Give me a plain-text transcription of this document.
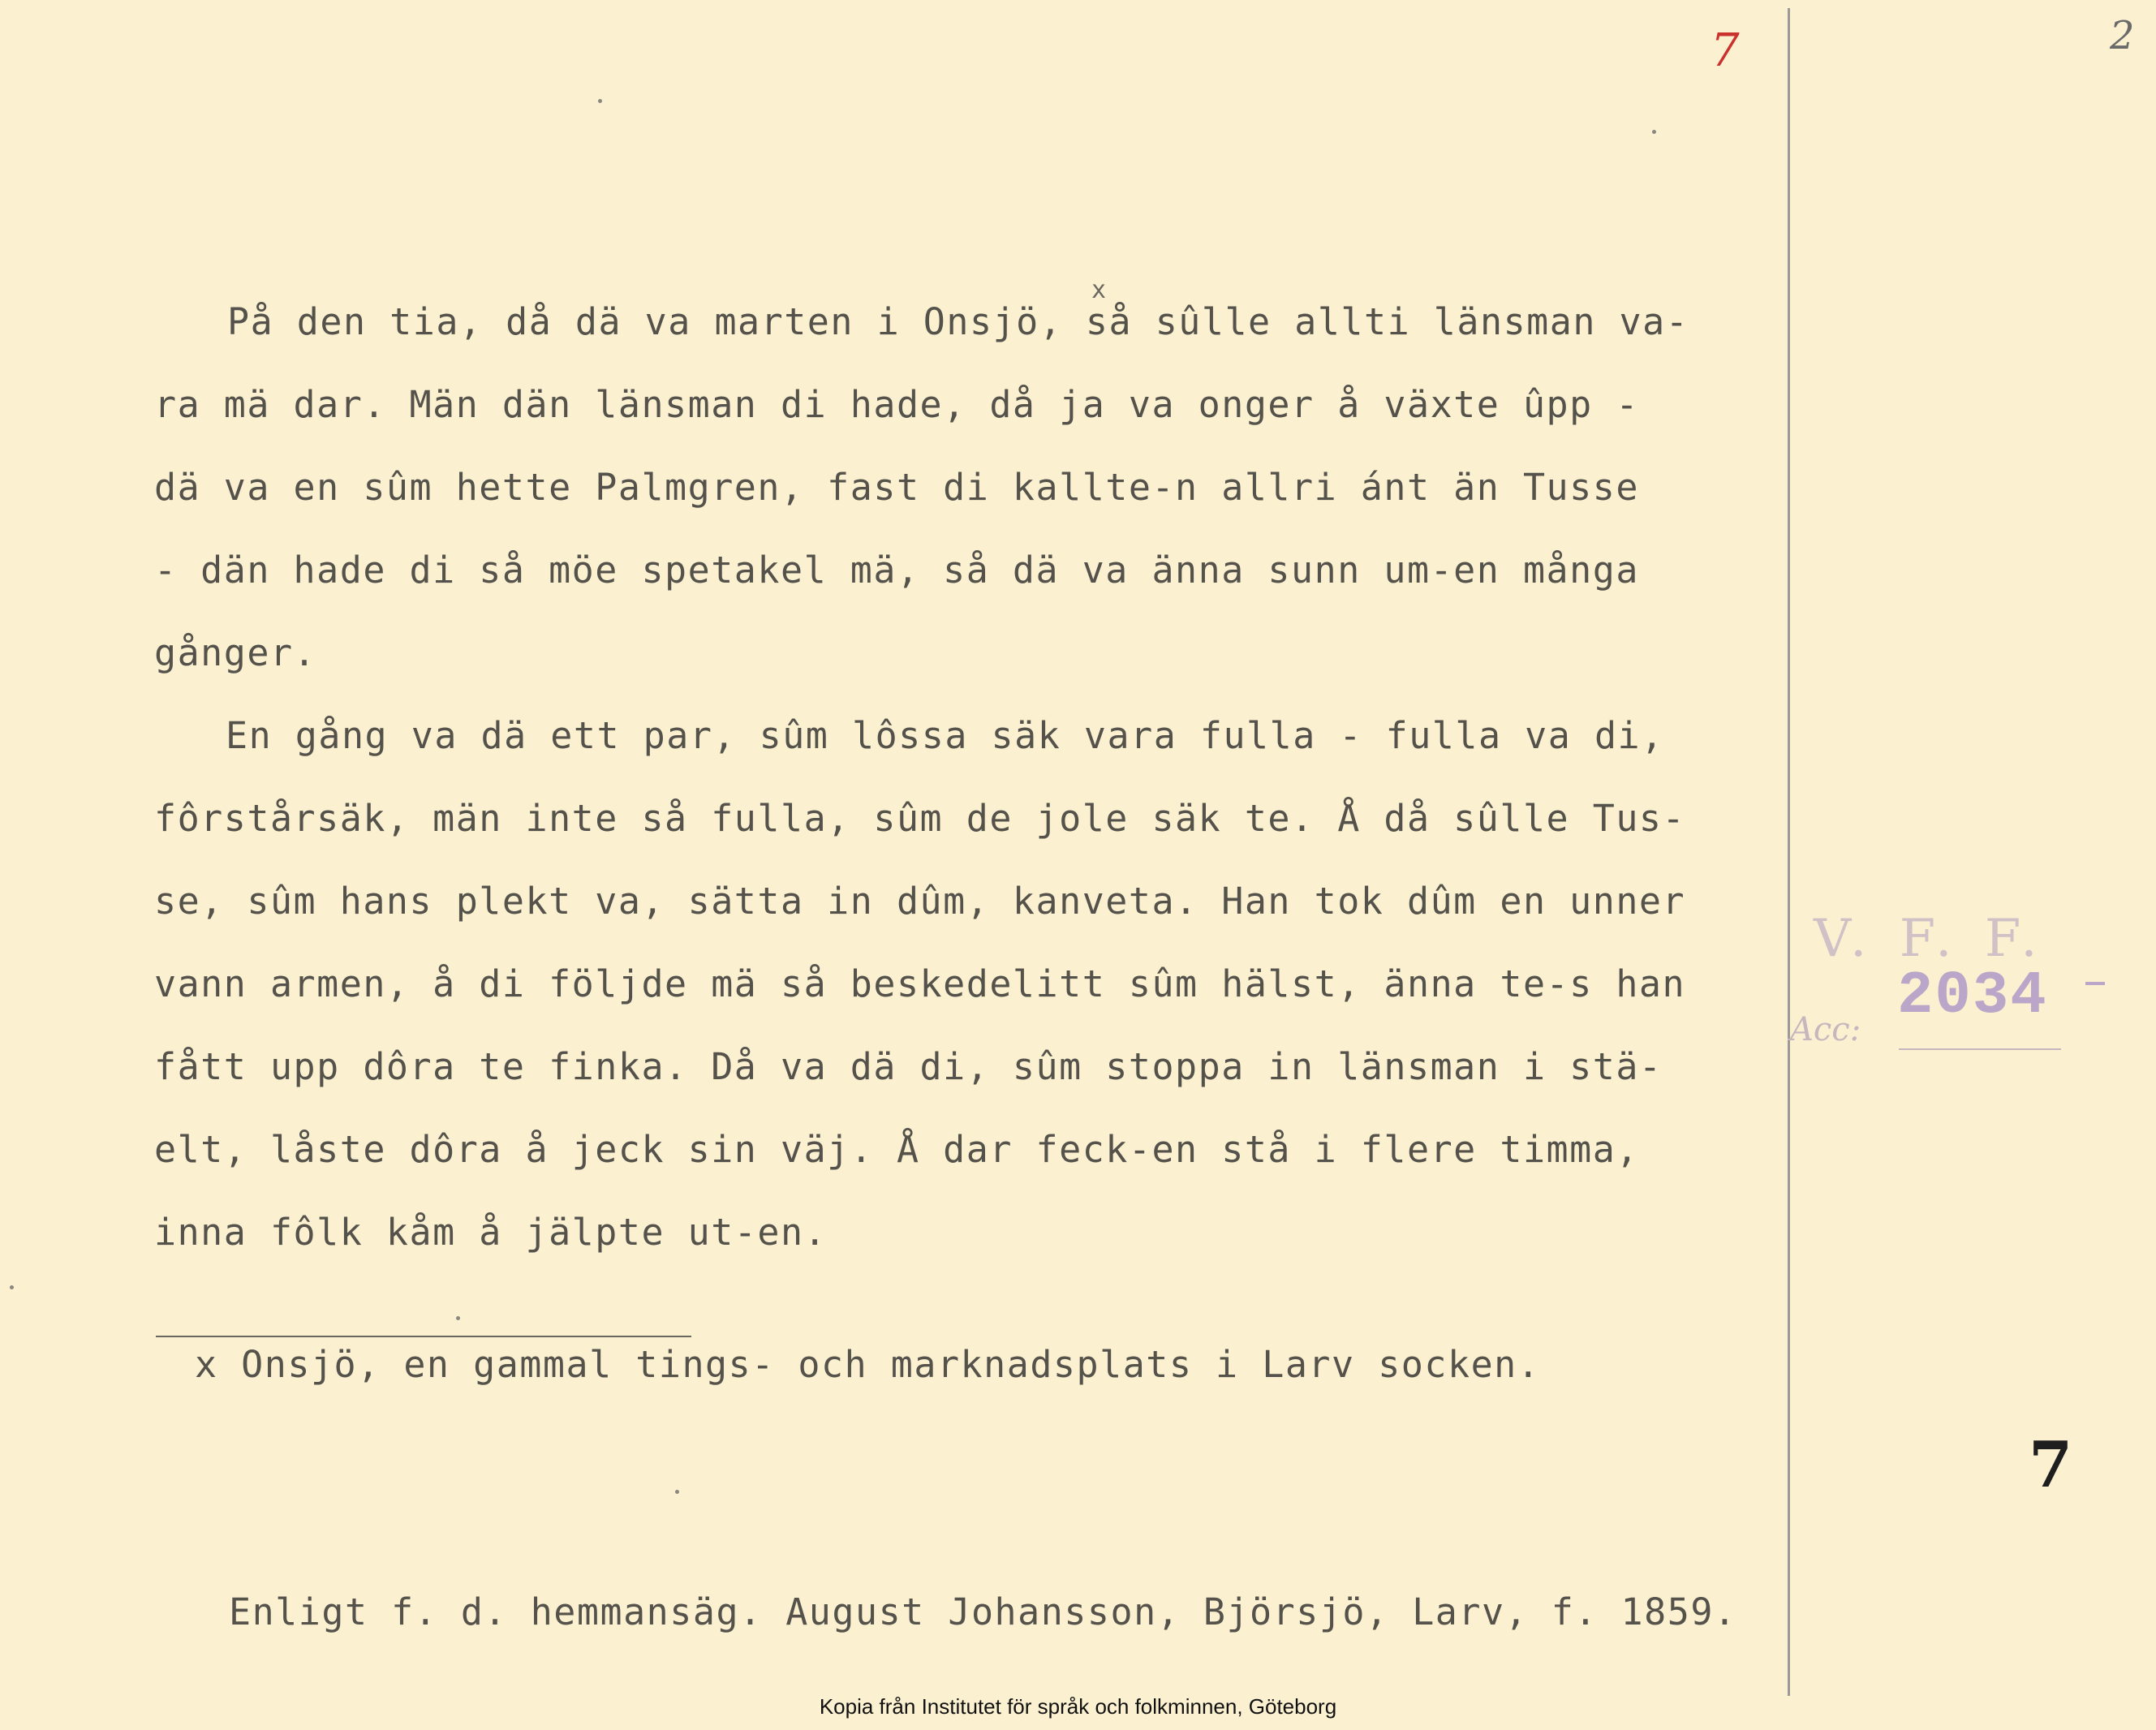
7	2
x
På den tia, då dä va marten i Onsjö, så sûlle allti länsman va-
ra mä dar. Män dän länsman di hade, då ja va onger å växte ûpp -
dä va en sûm hette Palmgren, fast di kallte-n allri ánt än Tusse
- dän hade di så möe spetakel mä, så dä va änna sunn um-en många
gånger.
En gång va dä ett par, sûm lôssa säk vara fulla - fulla va di,
fôrstårsäk, män inte så fulla, sûm de jole säk te. Å då sûlle Tus-
se, sûm hans plekt va, sätta in dûm, kanveta. Han tok dûm en unner
vann armen, å di följde mä så beskedelitt sûm hälst, änna te-s han
fått upp dôra te finka. Då va dä di, sûm stoppa in länsman i stä-
elt, låste dôra å jeck sin väj. Å dar feck-en stå i flere timma,
inna fôlk kåm å jälpte ut-en.
x Onsjö, en gammal tings- och marknadsplats i Larv socken.
V. F. F.
2034
Acc:
7
Enligt f. d. hemmansäg. August Johansson, Björsjö, Larv, f. 1859.
Kopia från Institutet för språk och folkminnen, Göteborg
